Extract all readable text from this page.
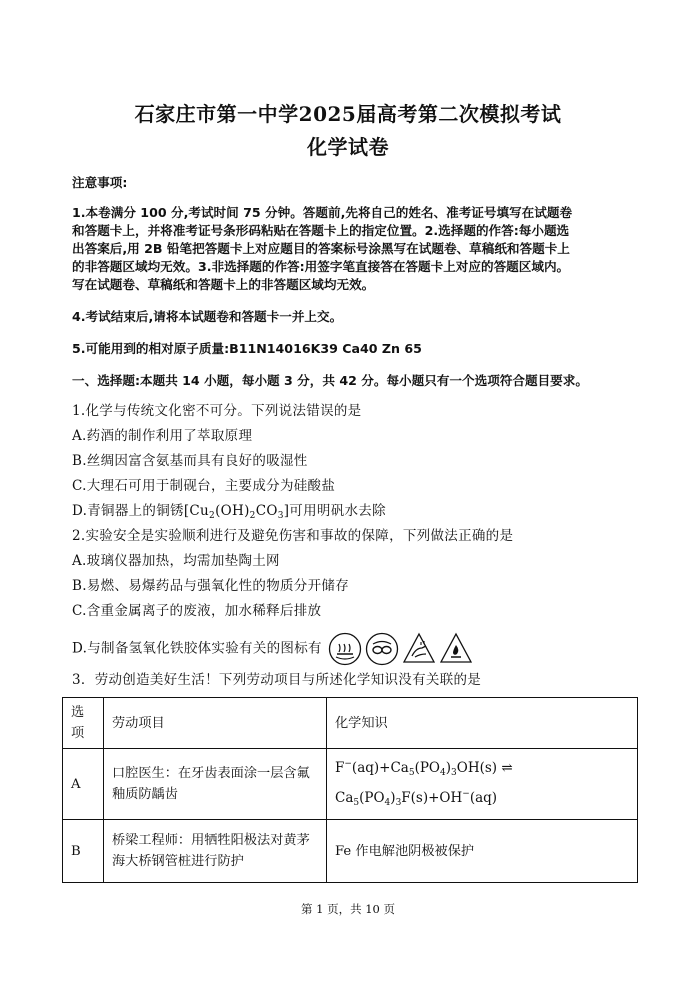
石家庄市第一中学2025届高考第二次模拟考试
化学试卷
注意事项:
1.本卷满分 100 分,考试时间 75 分钟。答题前,先将自己的姓名、准考证号填写在试题卷
和答题卡上，并将准考证号条形码粘贴在答题卡上的指定位置。2.选择题的作答:每小题选
出答案后,用 2B 铅笔把答题卡上对应题目的答案标号涂黑写在试题卷、草稿纸和答题卡上
的非答题区域均无效。3.非选择题的作答:用签字笔直接答在答题卡上对应的答题区域内。
写在试题卷、草稿纸和答题卡上的非答题区域均无效。
4.考试结束后,请将本试题卷和答题卡一并上交。
5.可能用到的相对原子质量:B11N14016K39 Ca40 Zn 65
一、选择题:本题共 14 小题，每小题 3 分，共 42 分。每小题只有一个选项符合题目要求。
1.化学与传统文化密不可分。下列说法错误的是
A.药酒的制作利用了萃取原理
B.丝绸因富含氨基而具有良好的吸湿性
C.大理石可用于制砚台，主要成分为硅酸盐
D.青铜器上的铜锈$[Cu_2(OH)_2CO_3]$可用明矾水去除
2.实验安全是实验顺利进行及避免伤害和事故的保障，下列做法正确的是
A.玻璃仪器加热，均需加垫陶土网
B.易燃、易爆药品与强氧化性的物质分开储存
C.含重金属离子的废液，加水稀释后排放
D.与制备氢氧化铁胶体实验有关的图标有
3．劳动创造美好生活！下列劳动项目与所述化学知识没有关联的是
选项	劳动项目	化学知识
A	口腔医生：在牙齿表面涂一层含氟釉质防龋齿	$F^-(aq)+Ca_5(PO_4)_3OH(s)$ ⇌
$Ca_5(PO_4)_3F(s)+OH^-(aq)$

B	桥梁工程师：用牺牲阳极法对黄茅海大桥钢管桩进行防护	Fe 作电解池阴极被保护
第 1 页，共 10 页
